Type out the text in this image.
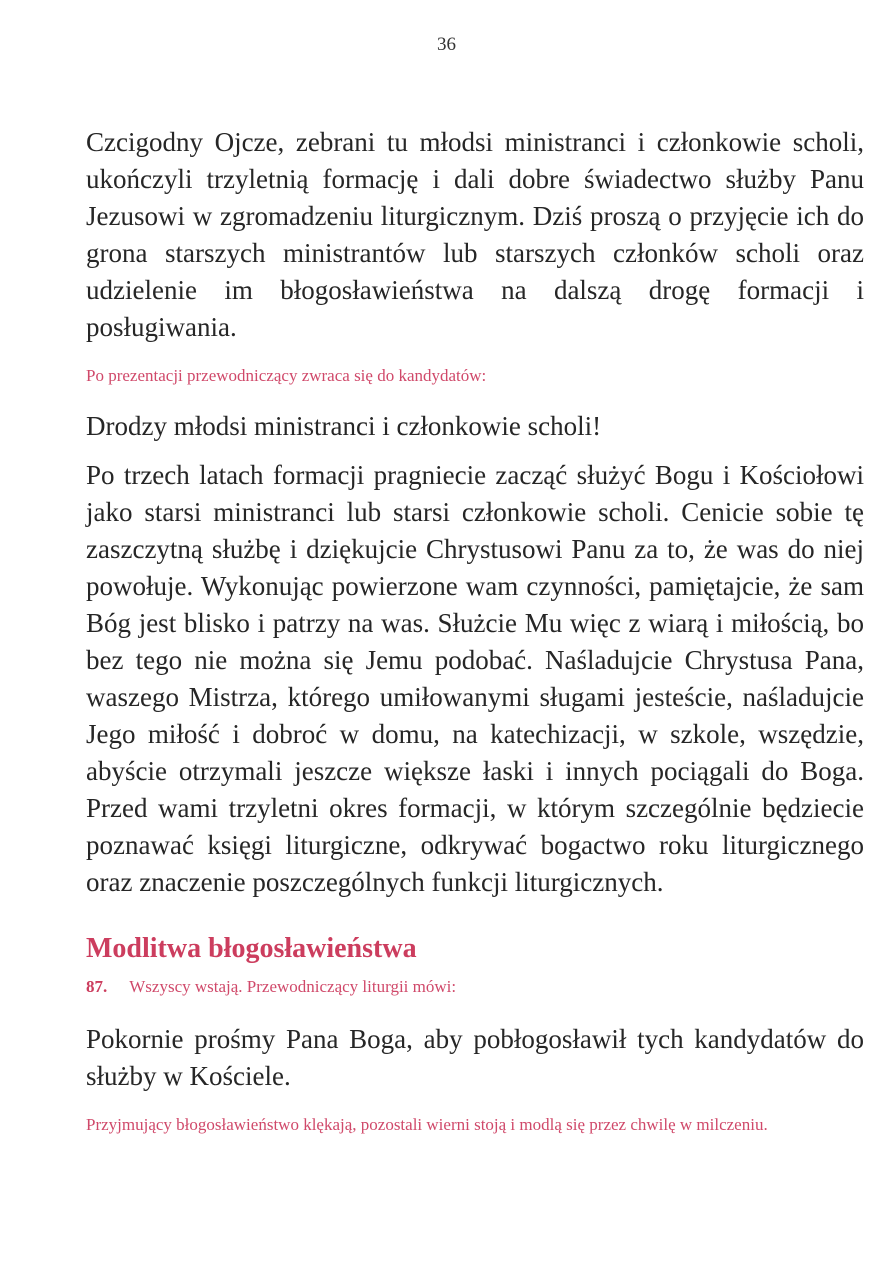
36

Czcigodny Ojcze, zebrani tu młodsi ministranci i członkowie scholi, ukończyli trzyletnią formację i dali dobre świadectwo służby Panu Jezusowi w zgromadzeniu liturgicznym. Dziś proszą o przyjęcie ich do grona starszych ministrantów lub starszych członków scholi oraz udzielenie im błogosławieństwa na dalszą drogę formacji i posługiwania.

Po prezentacji przewodniczący zwraca się do kandydatów:

Drodzy młodsi ministranci i członkowie scholi!

Po trzech latach formacji pragniecie zacząć służyć Bogu i Kościołowi jako starsi ministranci lub starsi członkowie scholi. Cenicie sobie tę zaszczytną służbę i dziękujcie Chrystusowi Panu za to, że was do niej powołuje. Wykonując powierzone wam czynności, pamiętajcie, że sam Bóg jest blisko i patrzy na was. Służcie Mu więc z wiarą i miłością, bo bez tego nie można się Jemu podobać. Naśladujcie Chrystusa Pana, waszego Mistrza, którego umiłowanymi sługami jesteście, naśladujcie Jego miłość i dobroć w domu, na katechizacji, w szkole, wszędzie, abyście otrzymali jeszcze większe łaski i innych pociągali do Boga. Przed wami trzyletni okres formacji, w którym szczególnie będziecie poznawać księgi liturgiczne, odkrywać bogactwo roku liturgicznego oraz znaczenie poszczególnych funkcji liturgicznych.

Modlitwa błogosławieństwa

87. Wszyscy wstają. Przewodniczący liturgii mówi:

Pokornie prośmy Pana Boga, aby pobłogosławił tych kandydatów do służby w Kościele.

Przyjmujący błogosławieństwo klękają, pozostali wierni stoją i modlą się przez chwilę w milczeniu.
